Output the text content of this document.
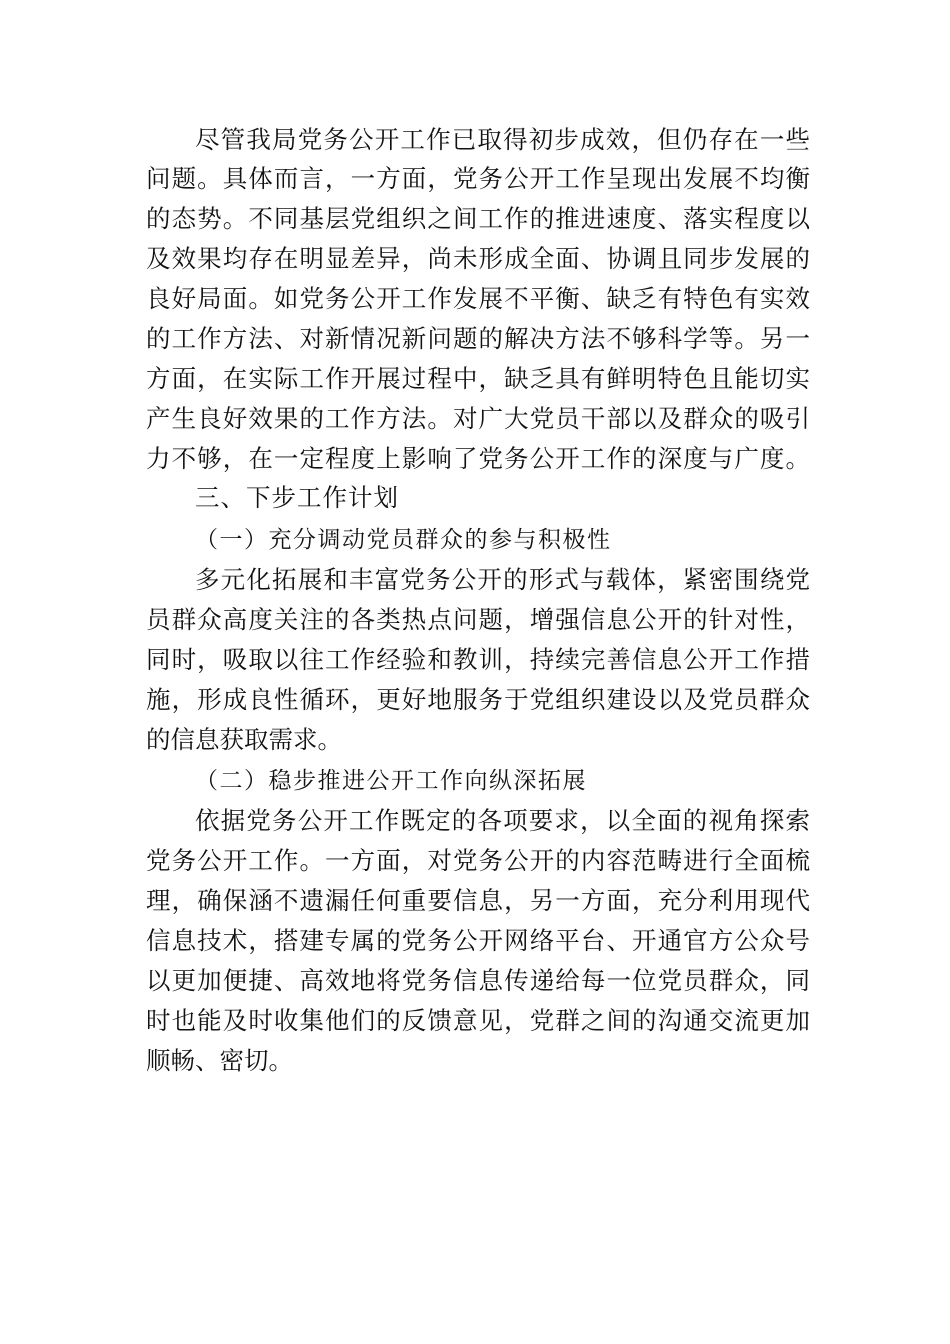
尽管我局党务公开工作已取得初步成效，但仍存在一些
问题。具体而言，一方面，党务公开工作呈现出发展不均衡
的态势。不同基层党组织之间工作的推进速度、落实程度以
及效果均存在明显差异，尚未形成全面、协调且同步发展的
良好局面。如党务公开工作发展不平衡、缺乏有特色有实效
的工作方法、对新情况新问题的解决方法不够科学等。另一
方面，在实际工作开展过程中，缺乏具有鲜明特色且能切实
产生良好效果的工作方法。对广大党员干部以及群众的吸引
力不够，在一定程度上影响了党务公开工作的深度与广度。
三、下步工作计划
（一）充分调动党员群众的参与积极性
多元化拓展和丰富党务公开的形式与载体，紧密围绕党
员群众高度关注的各类热点问题，增强信息公开的针对性，
同时，吸取以往工作经验和教训，持续完善信息公开工作措
施，形成良性循环，更好地服务于党组织建设以及党员群众
的信息获取需求。
（二）稳步推进公开工作向纵深拓展
依据党务公开工作既定的各项要求，以全面的视角探索
党务公开工作。一方面，对党务公开的内容范畴进行全面梳
理，确保涵不遗漏任何重要信息，另一方面，充分利用现代
信息技术，搭建专属的党务公开网络平台、开通官方公众号
以更加便捷、高效地将党务信息传递给每一位党员群众，同
时也能及时收集他们的反馈意见，党群之间的沟通交流更加
顺畅、密切。
